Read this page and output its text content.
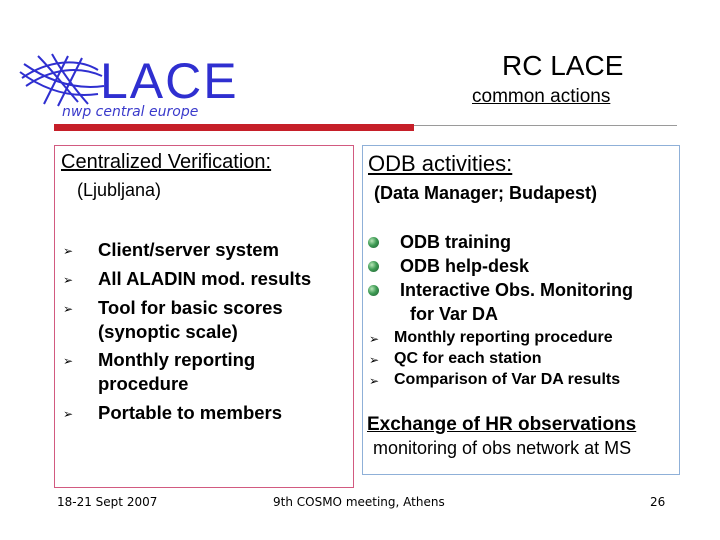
LACE
nwp central europe
RC LACE
common actions
Centralized Verification:
(Ljubljana)
➢ Client/server system
➢ All ALADIN mod. results
➢ Tool for basic scores
(synoptic scale)
➢ Monthly reporting
procedure
➢ Portable to members
ODB activities:
(Data Manager; Budapest)
ODB training
ODB help-desk
Interactive Obs. Monitoring
for Var DA
➢ Monthly reporting procedure
➢ QC for each station
➢ Comparison of Var DA results
Exchange of HR observations
monitoring of obs network at MS
18-21 Sept 2007	9th COSMO meeting, Athens	26
